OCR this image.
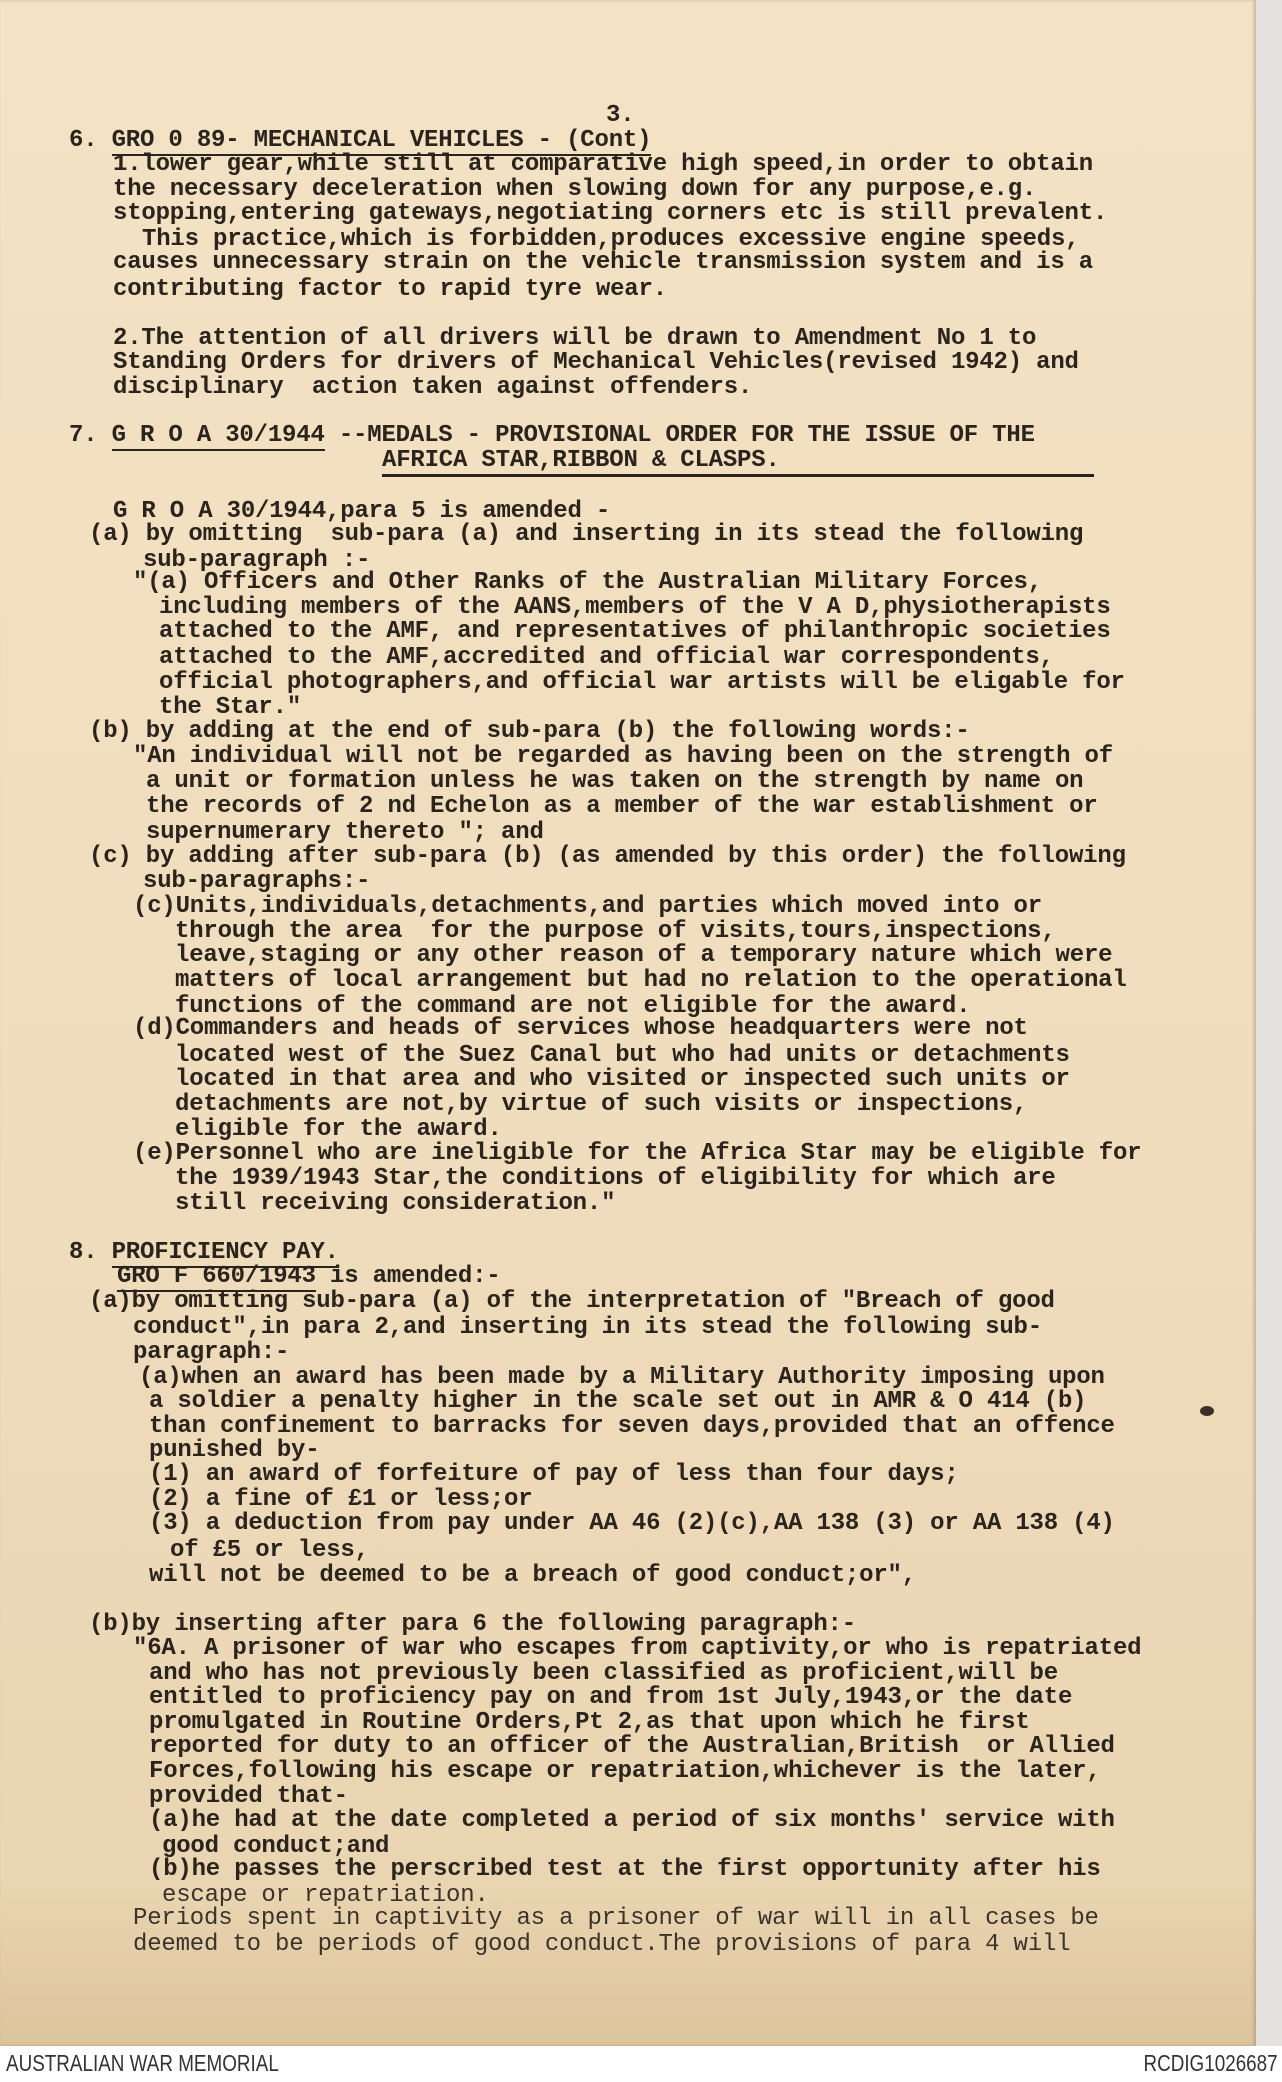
3.
6. GRO 0 89- MECHANICAL VEHICLES - (Cont)
1.lower gear,while still at comparative high speed,in order to obtain
the necessary deceleration when slowing down for any purpose,e.g.
stopping,entering gateways,negotiating corners etc is still prevalent.
This practice,which is forbidden,produces excessive engine speeds,
causes unnecessary strain on the vehicle transmission system and is a
contributing factor to rapid tyre wear.
2.The attention of all drivers will be drawn to Amendment No 1 to
Standing Orders for drivers of Mechanical Vehicles(revised 1942) and
disciplinary  action taken against offenders.
7. G R O A 30/1944 --MEDALS - PROVISIONAL ORDER FOR THE ISSUE OF THE
AFRICA STAR,RIBBON & CLASPS.
G R O A 30/1944,para 5 is amended -
(a) by omitting  sub-para (a) and inserting in its stead the following
sub-paragraph :-
"(a) Officers and Other Ranks of the Australian Military Forces,
including members of the AANS,members of the V A D,physiotherapists
attached to the AMF, and representatives of philanthropic societies
attached to the AMF,accredited and official war correspondents,
official photographers,and official war artists will be eligable for
the Star."
(b) by adding at the end of sub-para (b) the following words:-
"An individual will not be regarded as having been on the strength of
a unit or formation unless he was taken on the strength by name on
the records of 2 nd Echelon as a member of the war establishment or
supernumerary thereto "; and
(c) by adding after sub-para (b) (as amended by this order) the following
sub-paragraphs:-
(c)Units,individuals,detachments,and parties which moved into or
through the area  for the purpose of visits,tours,inspections,
leave,staging or any other reason of a temporary nature which were
matters of local arrangement but had no relation to the operational
functions of the command are not eligible for the award.
(d)Commanders and heads of services whose headquarters were not
located west of the Suez Canal but who had units or detachments
located in that area and who visited or inspected such units or
detachments are not,by virtue of such visits or inspections,
eligible for the award.
(e)Personnel who are ineligible for the Africa Star may be eligible for
the 1939/1943 Star,the conditions of eligibility for which are
still receiving consideration."
8. PROFICIENCY PAY.
GRO F 660/1943 is amended:-
(a)by omitting sub-para (a) of the interpretation of "Breach of good
conduct",in para 2,and inserting in its stead the following sub-
paragraph:-
(a)when an award has been made by a Military Authority imposing upon
a soldier a penalty higher in the scale set out in AMR & O 414 (b)
than confinement to barracks for seven days,provided that an offence
punished by-
(1) an award of forfeiture of pay of less than four days;
(2) a fine of £1 or less;or
(3) a deduction from pay under AA 46 (2)(c),AA 138 (3) or AA 138 (4)
of £5 or less,
will not be deemed to be a breach of good conduct;or",
(b)by inserting after para 6 the following paragraph:-
"6A. A prisoner of war who escapes from captivity,or who is repatriated
and who has not previously been classified as proficient,will be
entitled to proficiency pay on and from 1st July,1943,or the date
promulgated in Routine Orders,Pt 2,as that upon which he first
reported for duty to an officer of the Australian,British  or Allied
Forces,following his escape or repatriation,whichever is the later,
provided that-
(a)he had at the date completed a period of six months' service with
good conduct;and
(b)he passes the perscribed test at the first opportunity after his
escape or repatriation.
Periods spent in captivity as a prisoner of war will in all cases be
deemed to be periods of good conduct.The provisions of para 4 will
AUSTRALIAN WAR MEMORIAL	RCDIG1026687
